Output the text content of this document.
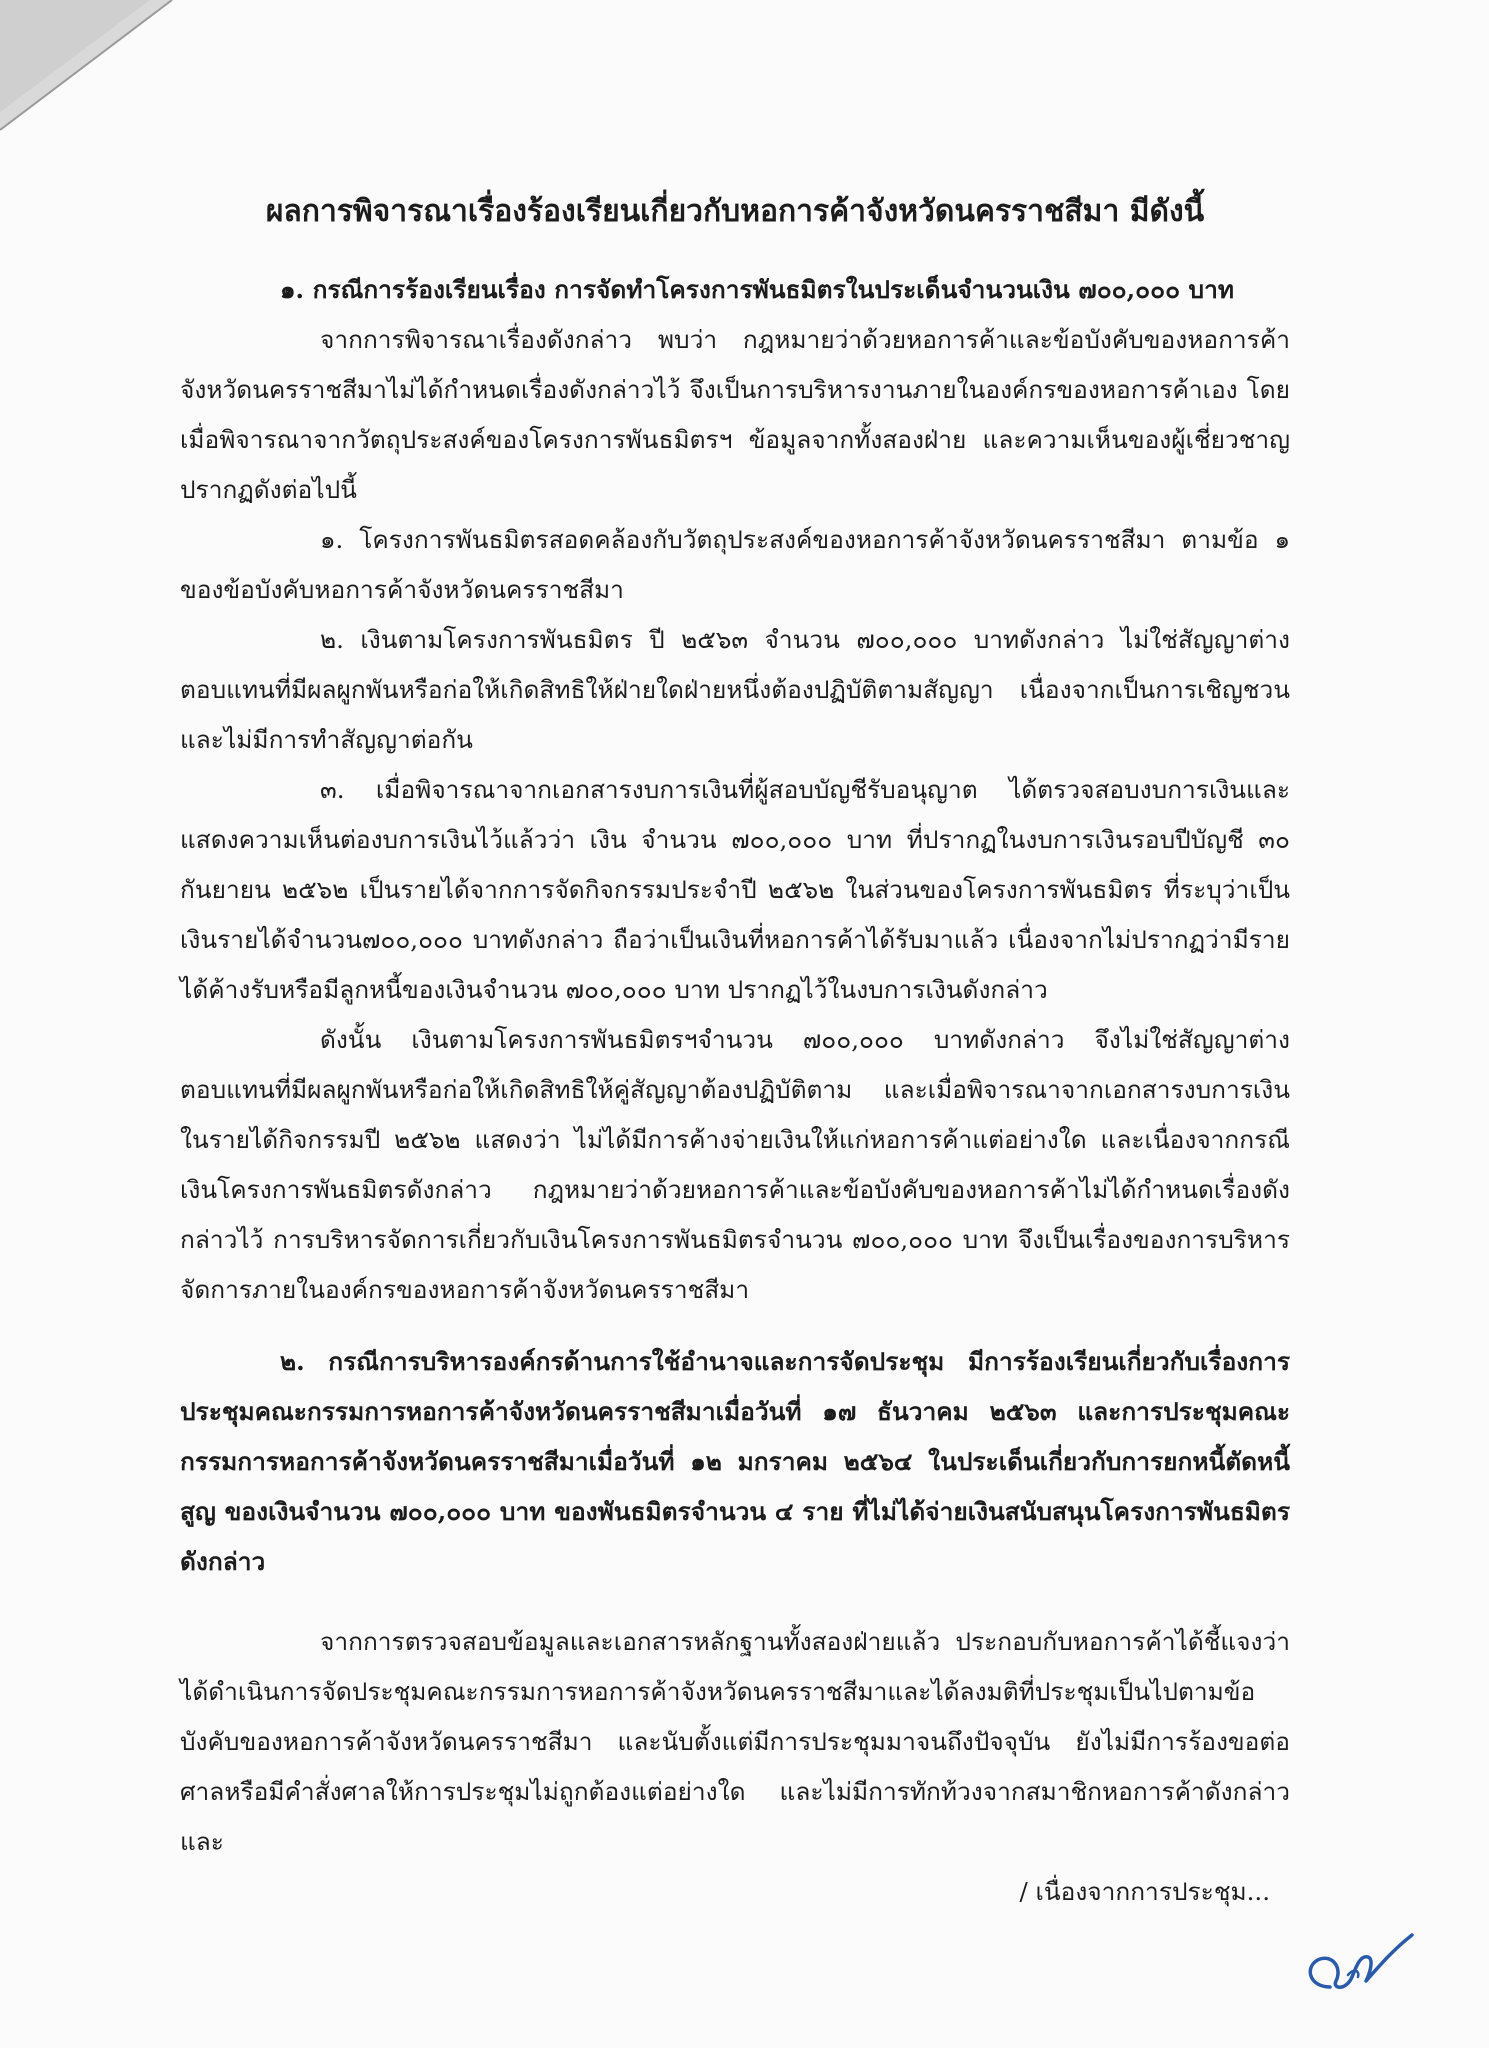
ผลการพิจารณาเรื่องร้องเรียนเกี่ยวกับหอการค้าจังหวัดนครราชสีมา มีดังนี้

๑. กรณีการร้องเรียนเรื่อง การจัดทำโครงการพันธมิตรในประเด็นจำนวนเงิน ๗๐๐,๐๐๐ บาท

จากการพิจารณาเรื่องดังกล่าว พบว่า กฎหมายว่าด้วยหอการค้าและข้อบังคับของหอการค้าจังหวัดนครราชสีมาไม่ได้กำหนดเรื่องดังกล่าวไว้ จึงเป็นการบริหารงานภายในองค์กรของหอการค้าเอง โดยเมื่อพิจารณาจากวัตถุประสงค์ของโครงการพันธมิตรฯ ข้อมูลจากทั้งสองฝ่าย และความเห็นของผู้เชี่ยวชาญ ปรากฏดังต่อไปนี้

๑. โครงการพันธมิตรสอดคล้องกับวัตถุประสงค์ของหอการค้าจังหวัดนครราชสีมา ตามข้อ ๑ ของข้อบังคับหอการค้าจังหวัดนครราชสีมา

๒. เงินตามโครงการพันธมิตร ปี ๒๕๖๓ จำนวน ๗๐๐,๐๐๐ บาทดังกล่าว ไม่ใช่สัญญาต่างตอบแทนที่มีผลผูกพันหรือก่อให้เกิดสิทธิให้ฝ่ายใดฝ่ายหนึ่งต้องปฏิบัติตามสัญญา เนื่องจากเป็นการเชิญชวนและไม่มีการทำสัญญาต่อกัน

๓. เมื่อพิจารณาจากเอกสารงบการเงินที่ผู้สอบบัญชีรับอนุญาต ได้ตรวจสอบงบการเงินและแสดงความเห็นต่องบการเงินไว้แล้วว่า เงิน จำนวน ๗๐๐,๐๐๐ บาท ที่ปรากฏในงบการเงินรอบปีบัญชี ๓๐ กันยายน ๒๕๖๒ เป็นรายได้จากการจัดกิจกรรมประจำปี ๒๕๖๒ ในส่วนของโครงการพันธมิตร ที่ระบุว่าเป็นเงินรายได้จำนวน๗๐๐,๐๐๐ บาทดังกล่าว ถือว่าเป็นเงินที่หอการค้าได้รับมาแล้ว เนื่องจากไม่ปรากฏว่ามีรายได้ค้างรับหรือมีลูกหนี้ของเงินจำนวน ๗๐๐,๐๐๐ บาท ปรากฏไว้ในงบการเงินดังกล่าว

ดังนั้น เงินตามโครงการพันธมิตรฯจำนวน ๗๐๐,๐๐๐ บาทดังกล่าว จึงไม่ใช่สัญญาต่างตอบแทนที่มีผลผูกพันหรือก่อให้เกิดสิทธิให้คู่สัญญาต้องปฏิบัติตาม และเมื่อพิจารณาจากเอกสารงบการเงินในรายได้กิจกรรมปี ๒๕๖๒ แสดงว่า ไม่ได้มีการค้างจ่ายเงินให้แก่หอการค้าแต่อย่างใด และเนื่องจากกรณีเงินโครงการพันธมิตรดังกล่าว กฎหมายว่าด้วยหอการค้าและข้อบังคับของหอการค้าไม่ได้กำหนดเรื่องดังกล่าวไว้ การบริหารจัดการเกี่ยวกับเงินโครงการพันธมิตรจำนวน ๗๐๐,๐๐๐ บาท จึงเป็นเรื่องของการบริหารจัดการภายในองค์กรของหอการค้าจังหวัดนครราชสีมา

๒. กรณีการบริหารองค์กรด้านการใช้อำนาจและการจัดประชุม มีการร้องเรียนเกี่ยวกับเรื่องการประชุมคณะกรรมการหอการค้าจังหวัดนครราชสีมาเมื่อวันที่ ๑๗ ธันวาคม ๒๕๖๓ และการประชุมคณะกรรมการหอการค้าจังหวัดนครราชสีมาเมื่อวันที่ ๑๒ มกราคม ๒๕๖๔ ในประเด็นเกี่ยวกับการยกหนี้ตัดหนี้สูญ ของเงินจำนวน ๗๐๐,๐๐๐ บาท ของพันธมิตรจำนวน ๔ ราย ที่ไม่ได้จ่ายเงินสนับสนุนโครงการพันธมิตรดังกล่าว

จากการตรวจสอบข้อมูลและเอกสารหลักฐานทั้งสองฝ่ายแล้ว ประกอบกับหอการค้าได้ชี้แจงว่าได้ดำเนินการจัดประชุมคณะกรรมการหอการค้าจังหวัดนครราชสีมาและได้ลงมติที่ประชุมเป็นไปตามข้อบังคับของหอการค้าจังหวัดนครราชสีมา และนับตั้งแต่มีการประชุมมาจนถึงปัจจุบัน ยังไม่มีการร้องขอต่อศาลหรือมีคำสั่งศาลให้การประชุมไม่ถูกต้องแต่อย่างใด และไม่มีการทักท้วงจากสมาชิกหอการค้าดังกล่าว และ

/ เนื่องจากการประชุม...
